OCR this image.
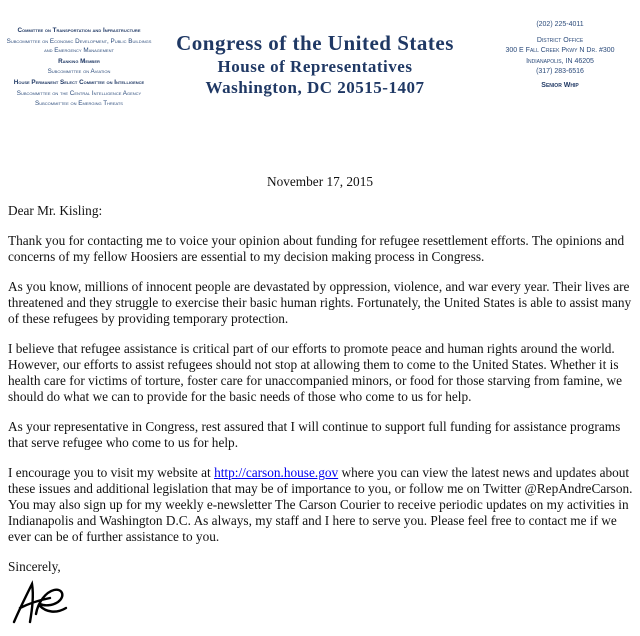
Committee on Transportation and Infrastructure
Subcommittee on Economic Development, Public Buildings and Emergency Management
Ranking Member
Subcommittee on Aviation
House Permanent Select Committee on Intelligence
Subcommittee on the Central Intelligence Agency
Subcommittee on Emerging Threats
Congress of the United States
House of Representatives
Washington, DC 20515-1407
(202) 225-4011
District Office
300 E Fall Creek Pkwy N Dr. #300
Indianapolis, IN 46205
(317) 283-6516
Senior Whip
November 17, 2015

Dear Mr. Kisling:

Thank you for contacting me to voice your opinion about funding for refugee resettlement efforts. The opinions and concerns of my fellow Hoosiers are essential to my decision making process in Congress.

As you know, millions of innocent people are devastated by oppression, violence, and war every year. Their lives are threatened and they struggle to exercise their basic human rights. Fortunately, the United States is able to assist many of these refugees by providing temporary protection.

I believe that refugee assistance is critical part of our efforts to promote peace and human rights around the world. However, our efforts to assist refugees should not stop at allowing them to come to the United States. Whether it is health care for victims of torture, foster care for unaccompanied minors, or food for those starving from famine, we should do what we can to provide for the basic needs of those who come to us for help.

As your representative in Congress, rest assured that I will continue to support full funding for assistance programs that serve refugee who come to us for help.

I encourage you to visit my website at http://carson.house.gov where you can view the latest news and updates about these issues and additional legislation that may be of importance to you, or follow me on Twitter @RepAndreCarson. You may also sign up for my weekly e-newsletter The Carson Courier to receive periodic updates on my activities in Indianapolis and Washington D.C. As always, my staff and I here to serve you. Please feel free to contact me if we ever can be of further assistance to you.

Sincerely,
